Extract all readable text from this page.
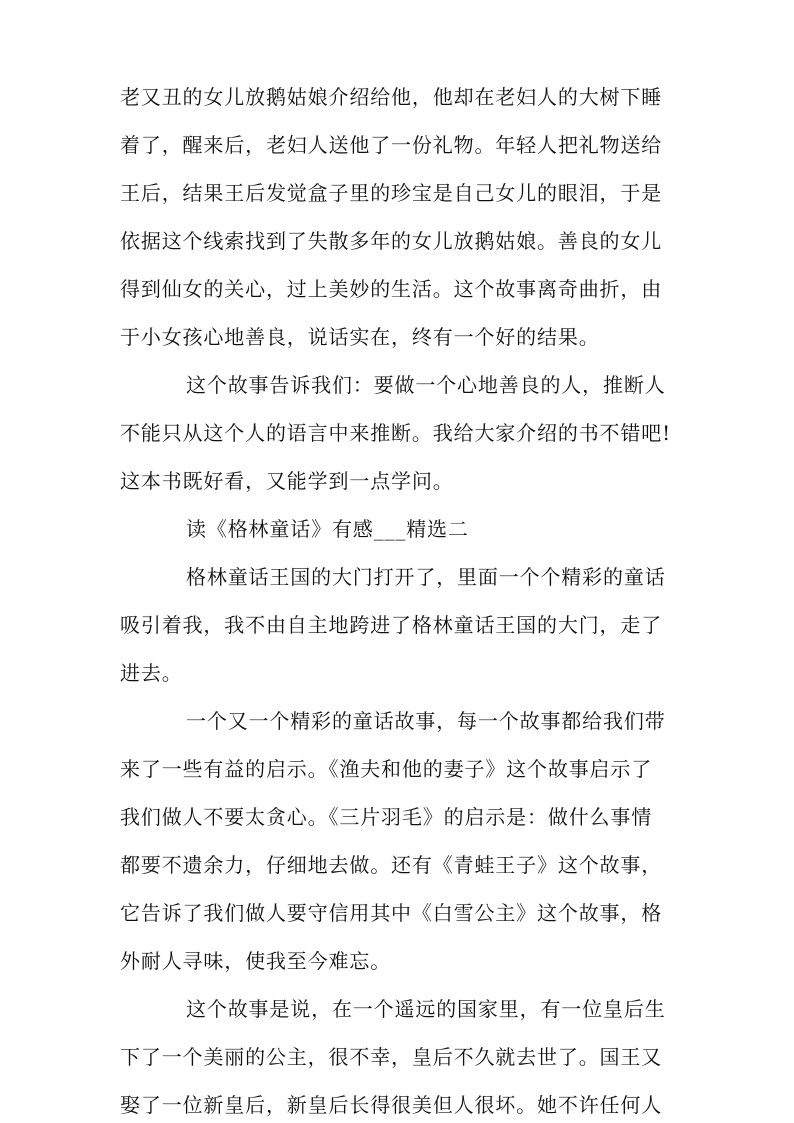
老又丑的女儿放鹅姑娘介绍给他，他却在老妇人的大树下睡
着了，醒来后，老妇人送他了一份礼物。年轻人把礼物送给
王后，结果王后发觉盒子里的珍宝是自己女儿的眼泪，于是
依据这个线索找到了失散多年的女儿放鹅姑娘。善良的女儿
得到仙女的关心，过上美妙的生活。这个故事离奇曲折，由
于小女孩心地善良，说话实在，终有一个好的结果。
这个故事告诉我们：要做一个心地善良的人，推断人
不能只从这个人的语言中来推断。我给大家介绍的书不错吧!
这本书既好看，又能学到一点学问。
读《格林童话》有感___精选二
格林童话王国的大门打开了，里面一个个精彩的童话
吸引着我，我不由自主地跨进了格林童话王国的大门，走了
进去。
一个又一个精彩的童话故事，每一个故事都给我们带
来了一些有益的启示。《渔夫和他的妻子》这个故事启示了
我们做人不要太贪心。《三片羽毛》的启示是：做什么事情
都要不遗余力，仔细地去做。还有《青蛙王子》这个故事，
它告诉了我们做人要守信用其中《白雪公主》这个故事，格
外耐人寻味，使我至今难忘。
这个故事是说，在一个遥远的国家里，有一位皇后生
下了一个美丽的公主，很不幸，皇后不久就去世了。国王又
娶了一位新皇后，新皇后长得很美但人很坏。她不许任何人
